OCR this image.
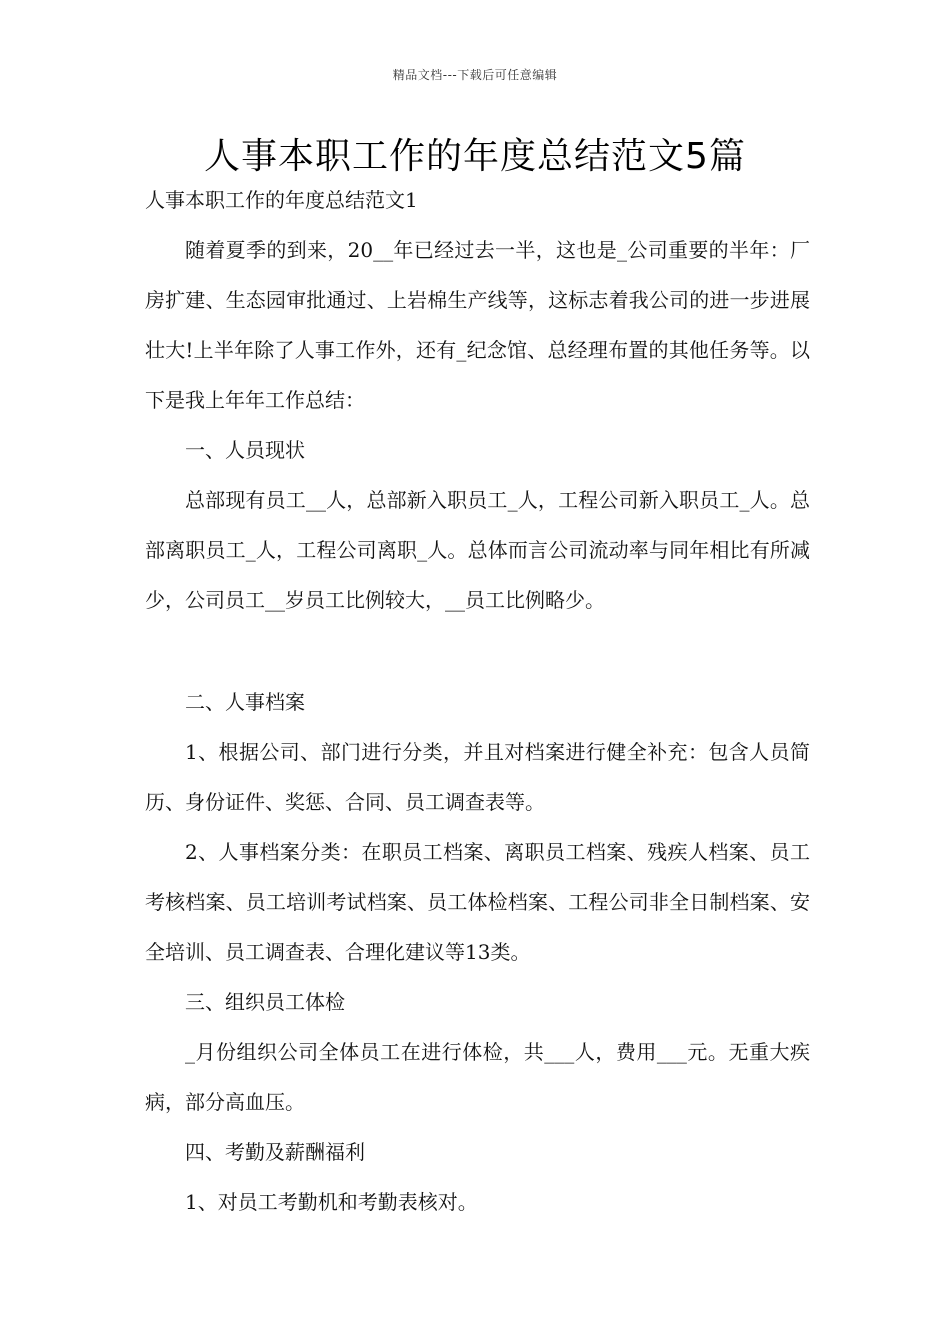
精品文档---下载后可任意编辑
人事本职工作的年度总结范文5篇

人事本职工作的年度总结范文1

随着夏季的到来，20__年已经过去一半，这也是_公司重要的半年：厂房扩建、生态园审批通过、上岩棉生产线等，这标志着我公司的进一步进展壮大!上半年除了人事工作外，还有_纪念馆、总经理布置的其他任务等。以下是我上年年工作总结：

一、人员现状

总部现有员工__人，总部新入职员工_人，工程公司新入职员工_人。总部离职员工_人，工程公司离职_人。总体而言公司流动率与同年相比有所减少，公司员工__岁员工比例较大，__员工比例略少。

二、人事档案

1、根据公司、部门进行分类，并且对档案进行健全补充：包含人员简历、身份证件、奖惩、合同、员工调查表等。

2、人事档案分类：在职员工档案、离职员工档案、残疾人档案、员工考核档案、员工培训考试档案、员工体检档案、工程公司非全日制档案、安全培训、员工调查表、合理化建议等13类。

三、组织员工体检

_月份组织公司全体员工在进行体检，共___人，费用___元。无重大疾病，部分高血压。

四、考勤及薪酬福利

1、对员工考勤机和考勤表核对。
